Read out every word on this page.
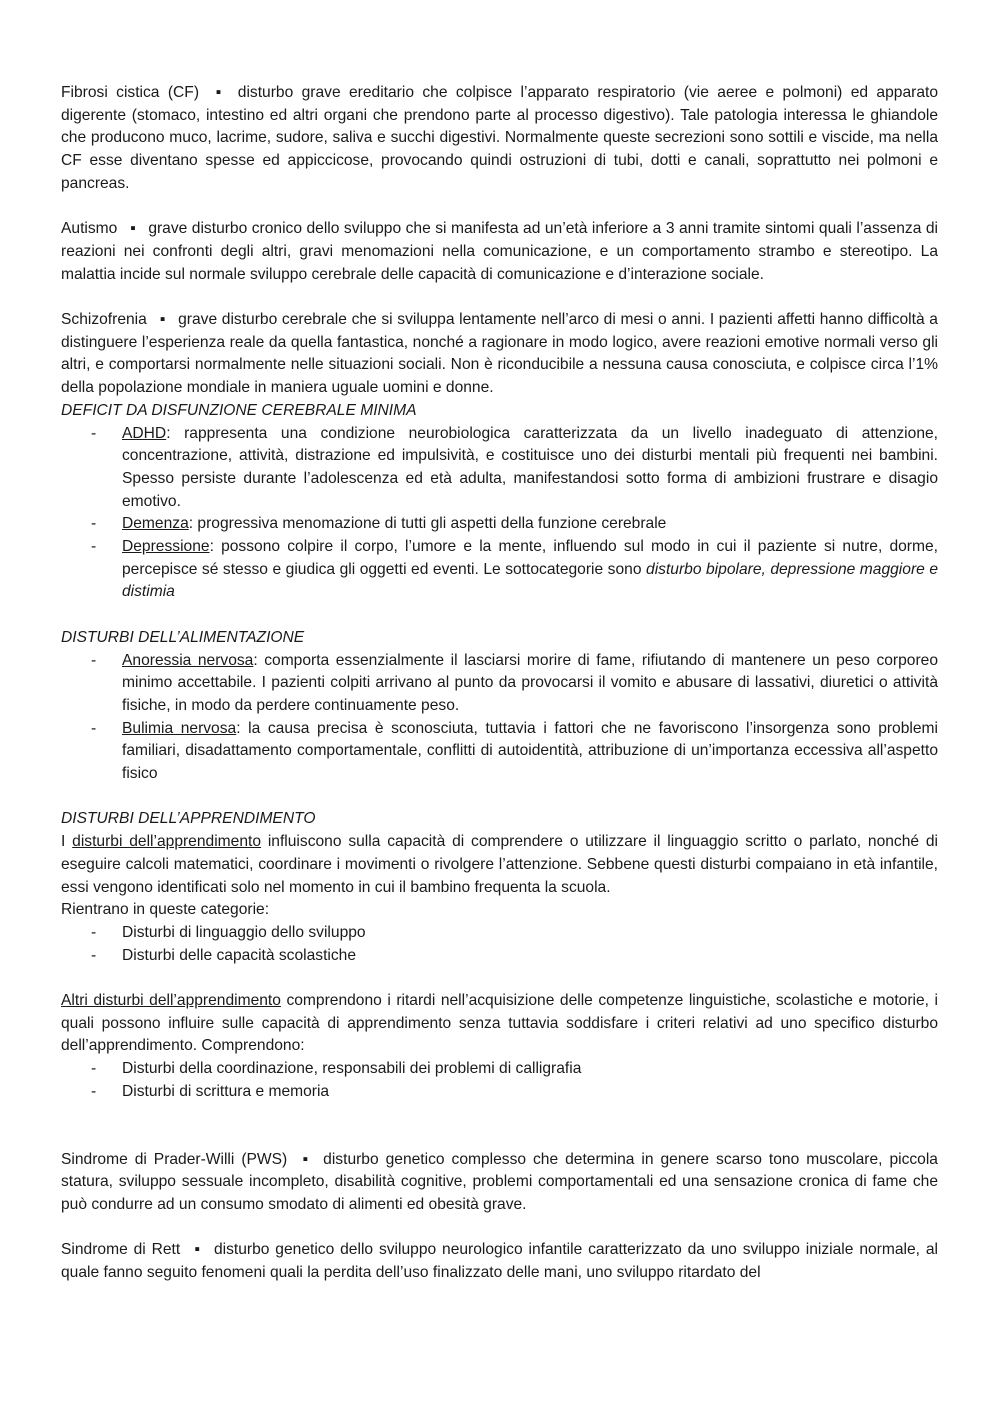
Fibrosi cistica (CF) ▪ disturbo grave ereditario che colpisce l’apparato respiratorio (vie aeree e polmoni) ed apparato digerente (stomaco, intestino ed altri organi che prendono parte al processo digestivo). Tale patologia interessa le ghiandole che producono muco, lacrime, sudore, saliva e succhi digestivi. Normalmente queste secrezioni sono sottili e viscide, ma nella CF esse diventano spesse ed appiccicose, provocando quindi ostruzioni di tubi, dotti e canali, soprattutto nei polmoni e pancreas.

Autismo ▪ grave disturbo cronico dello sviluppo che si manifesta ad un’età inferiore a 3 anni tramite sintomi quali l’assenza di reazioni nei confronti degli altri, gravi menomazioni nella comunicazione, e un comportamento strambo e stereotipo. La malattia incide sul normale sviluppo cerebrale delle capacità di comunicazione e d’interazione sociale.

Schizofrenia ▪ grave disturbo cerebrale che si sviluppa lentamente nell’arco di mesi o anni. I pazienti affetti hanno difficoltà a distinguere l’esperienza reale da quella fantastica, nonché a ragionare in modo logico, avere reazioni emotive normali verso gli altri, e comportarsi normalmente nelle situazioni sociali. Non è riconducibile a nessuna causa conosciuta, e colpisce circa l’1% della popolazione mondiale in maniera uguale uomini e donne.

DEFICIT DA DISFUNZIONE CEREBRALE MINIMA

- ADHD: rappresenta una condizione neurobiologica caratterizzata da un livello inadeguato di attenzione, concentrazione, attività, distrazione ed impulsività, e costituisce uno dei disturbi mentali più frequenti nei bambini. Spesso persiste durante l’adolescenza ed età adulta, manifestandosi sotto forma di ambizioni frustrare e disagio emotivo.
- Demenza: progressiva menomazione di tutti gli aspetti della funzione cerebrale
- Depressione: possono colpire il corpo, l’umore e la mente, influendo sul modo in cui il paziente si nutre, dorme, percepisce sé stesso e giudica gli oggetti ed eventi. Le sottocategorie sono disturbo bipolare, depressione maggiore e distimia

DISTURBI DELL’ALIMENTAZIONE

- Anoressia nervosa: comporta essenzialmente il lasciarsi morire di fame, rifiutando di mantenere un peso corporeo minimo accettabile. I pazienti colpiti arrivano al punto da provocarsi il vomito e abusare di lassativi, diuretici o attività fisiche, in modo da perdere continuamente peso.
- Bulimia nervosa: la causa precisa è sconosciuta, tuttavia i fattori che ne favoriscono l’insorgenza sono problemi familiari, disadattamento comportamentale, conflitti di autoidentità, attribuzione di un’importanza eccessiva all’aspetto fisico

DISTURBI DELL’APPRENDIMENTO

I disturbi dell’apprendimento influiscono sulla capacità di comprendere o utilizzare il linguaggio scritto o parlato, nonché di eseguire calcoli matematici, coordinare i movimenti o rivolgere l’attenzione. Sebbene questi disturbi compaiano in età infantile, essi vengono identificati solo nel momento in cui il bambino frequenta la scuola.

Rientrano in queste categorie:

- Disturbi di linguaggio dello sviluppo
- Disturbi delle capacità scolastiche

Altri disturbi dell’apprendimento comprendono i ritardi nell’acquisizione delle competenze linguistiche, scolastiche e motorie, i quali possono influire sulle capacità di apprendimento senza tuttavia soddisfare i criteri relativi ad uno specifico disturbo dell’apprendimento. Comprendono:

- Disturbi della coordinazione, responsabili dei problemi di calligrafia
- Disturbi di scrittura e memoria

Sindrome di Prader-Willi (PWS) ▪ disturbo genetico complesso che determina in genere scarso tono muscolare, piccola statura, sviluppo sessuale incompleto, disabilità cognitive, problemi comportamentali ed una sensazione cronica di fame che può condurre ad un consumo smodato di alimenti ed obesità grave.

Sindrome di Rett ▪ disturbo genetico dello sviluppo neurologico infantile caratterizzato da uno sviluppo iniziale normale, al quale fanno seguito fenomeni quali la perdita dell’uso finalizzato delle mani, uno sviluppo ritardato del
